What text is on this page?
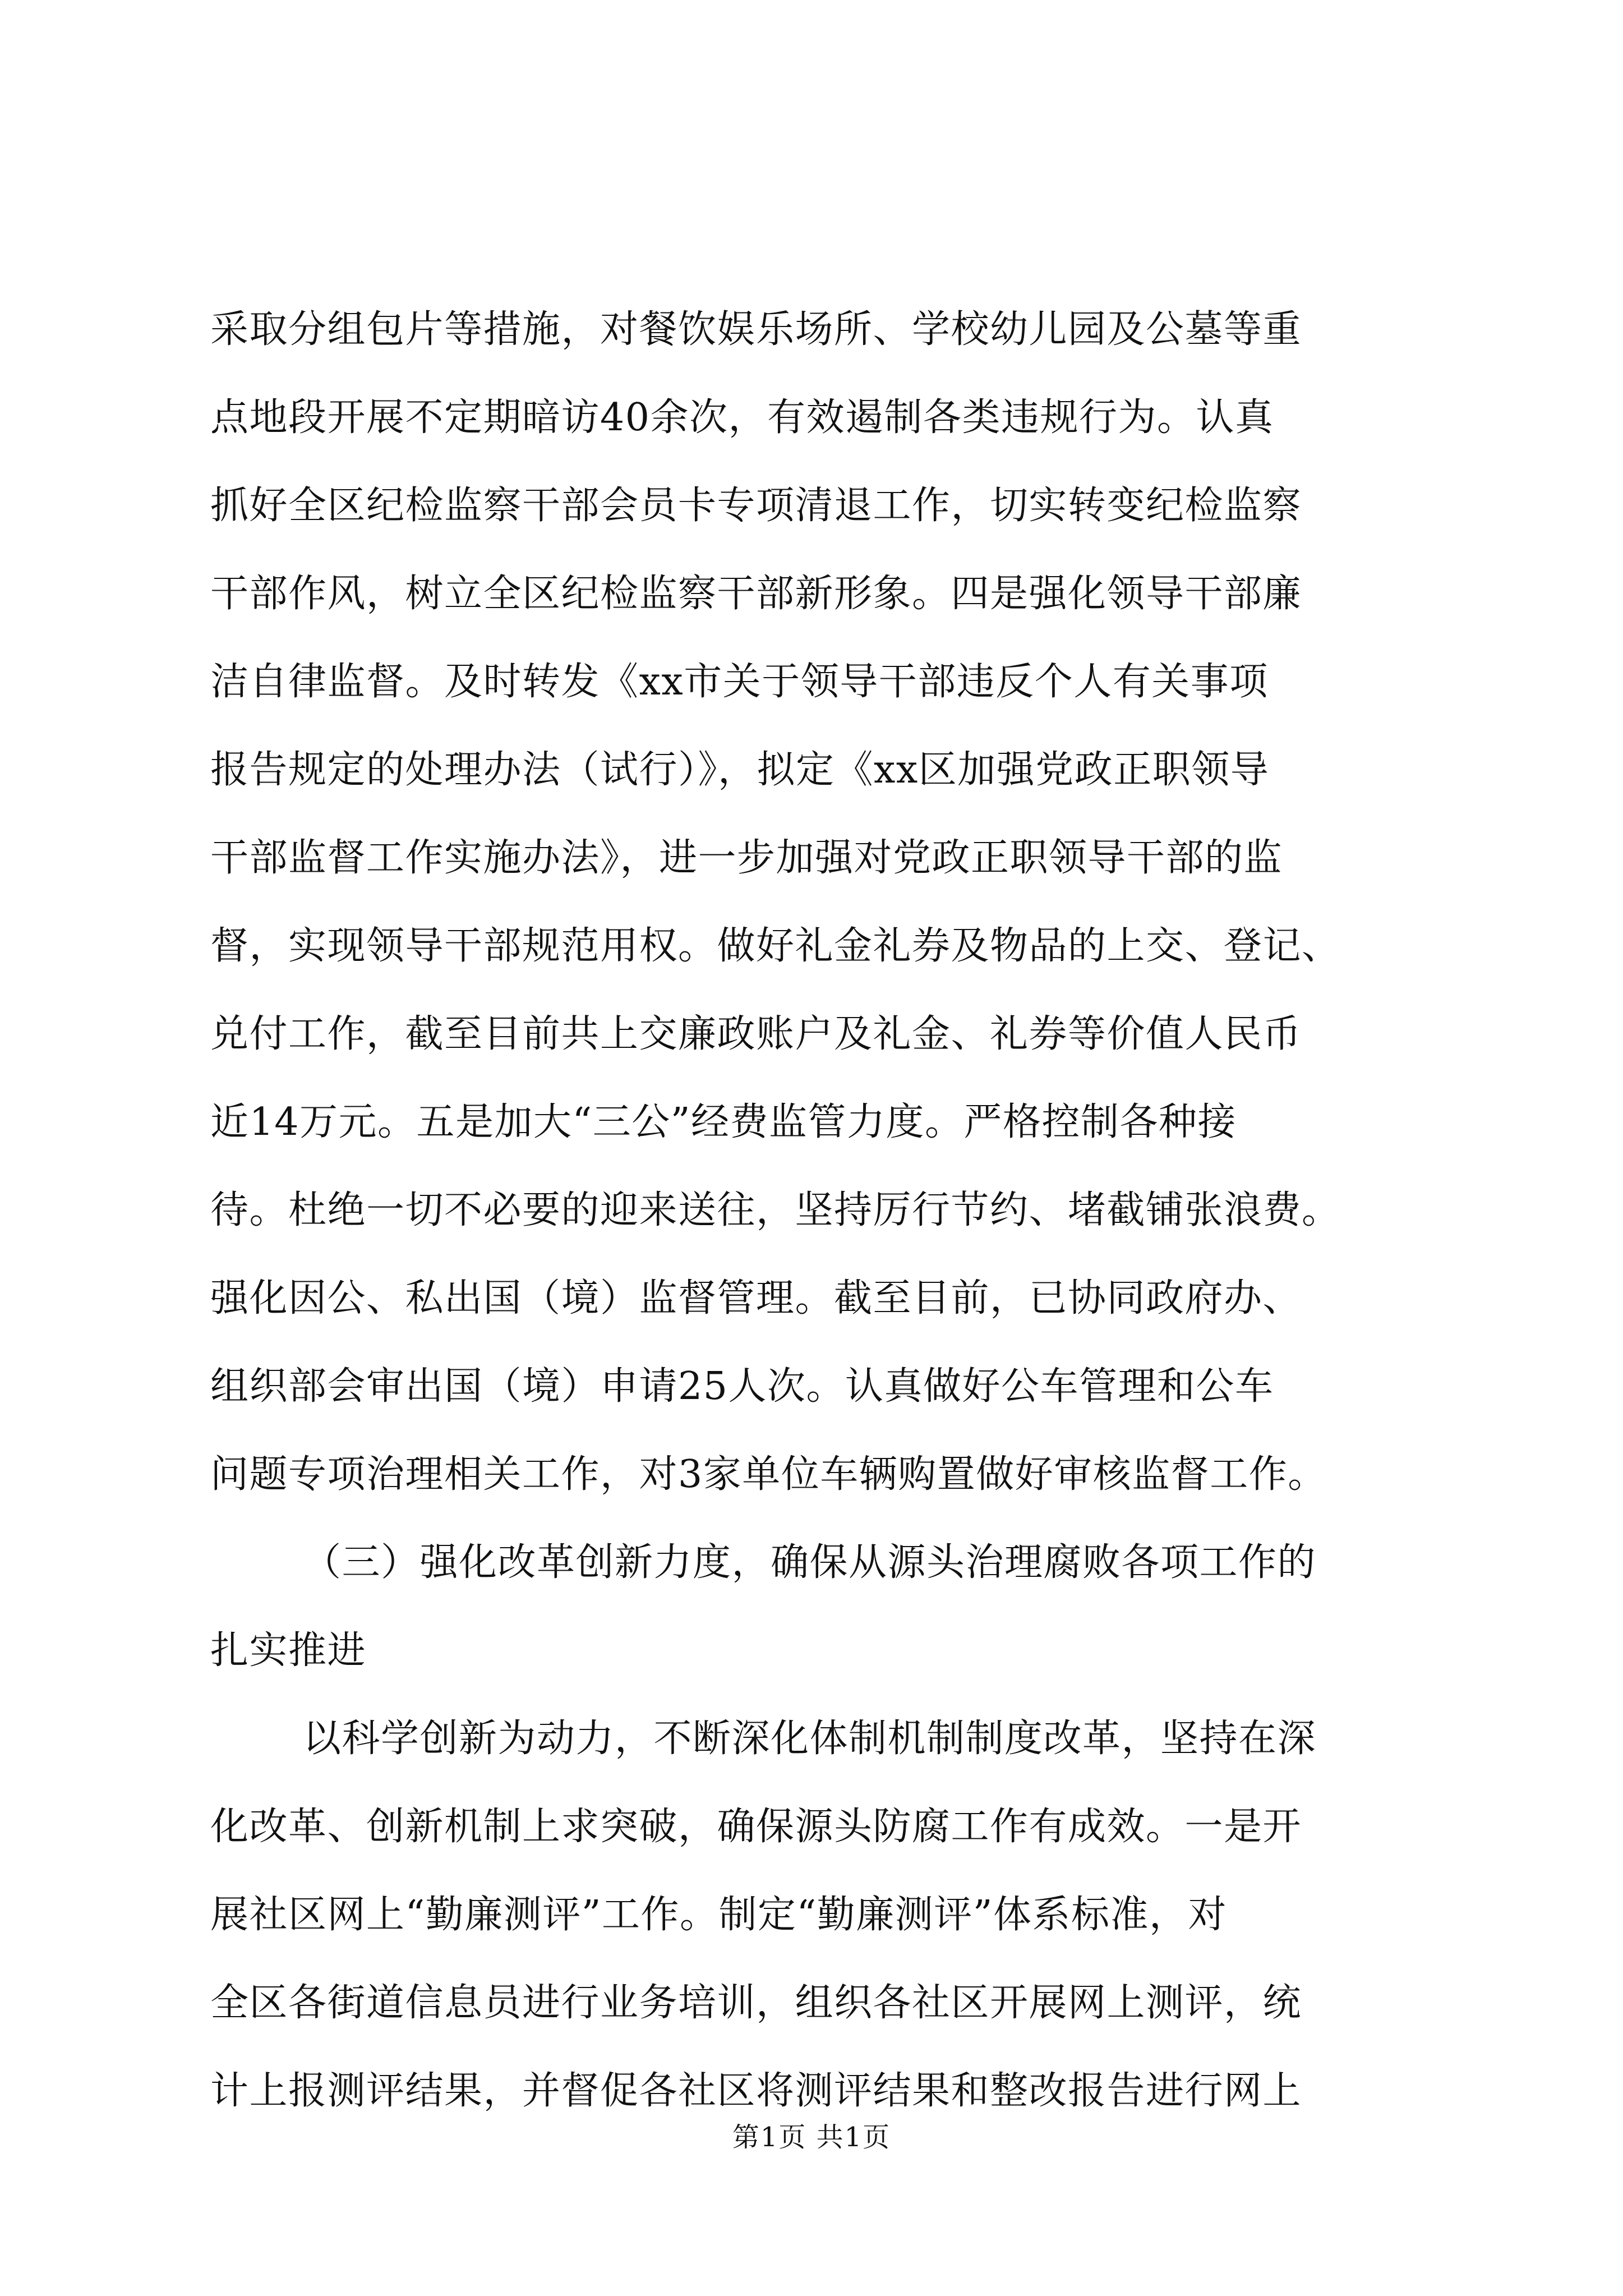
采取分组包片等措施，对餐饮娱乐场所、学校幼儿园及公墓等重
点地段开展不定期暗访40余次，有效遏制各类违规行为。认真
抓好全区纪检监察干部会员卡专项清退工作，切实转变纪检监察
干部作风，树立全区纪检监察干部新形象。四是强化领导干部廉
洁自律监督。及时转发《xx市关于领导干部违反个人有关事项
报告规定的处理办法（试行）》，拟定《xx区加强党政正职领导
干部监督工作实施办法》，进一步加强对党政正职领导干部的监
督，实现领导干部规范用权。做好礼金礼券及物品的上交、登记、
兑付工作，截至目前共上交廉政账户及礼金、礼券等价值人民币
近14万元。五是加大“三公”经费监管力度。严格控制各种接
待。杜绝一切不必要的迎来送往，坚持厉行节约、堵截铺张浪费。
强化因公、私出国（境）监督管理。截至目前，已协同政府办、
组织部会审出国（境）申请25人次。认真做好公车管理和公车
问题专项治理相关工作，对3家单位车辆购置做好审核监督工作。
（三）强化改革创新力度，确保从源头治理腐败各项工作的
扎实推进
以科学创新为动力，不断深化体制机制制度改革，坚持在深
化改革、创新机制上求突破，确保源头防腐工作有成效。一是开
展社区网上“勤廉测评”工作。制定“勤廉测评”体系标准，对
全区各街道信息员进行业务培训，组织各社区开展网上测评，统
计上报测评结果，并督促各社区将测评结果和整改报告进行网上
第1页 共1页
